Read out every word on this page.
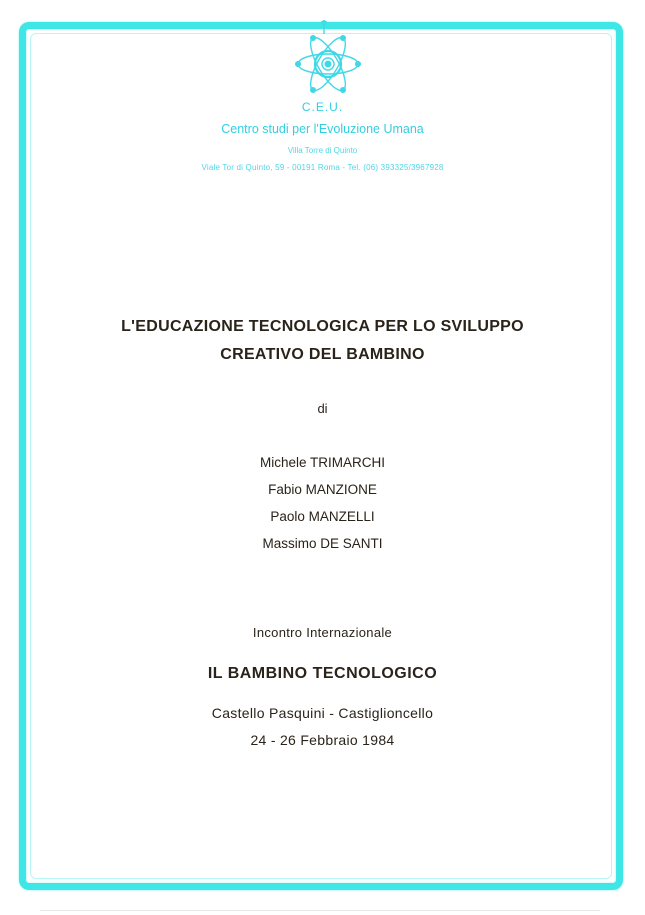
C.E.U.
Centro studi per l'Evoluzione Umana
Villa Torre di Quinto
Viale Tor di Quinto, 59 - 00191 Roma - Tel. (06) 393325/3967928
L'EDUCAZIONE TECNOLOGICA PER LO SVILUPPO
CREATIVO DEL BAMBINO
di
Michele TRIMARCHI
Fabio MANZIONE
Paolo MANZELLI
Massimo DE SANTI
Incontro Internazionale
IL BAMBINO TECNOLOGICO
Castello Pasquini - Castiglioncello
24 - 26 Febbraio 1984
